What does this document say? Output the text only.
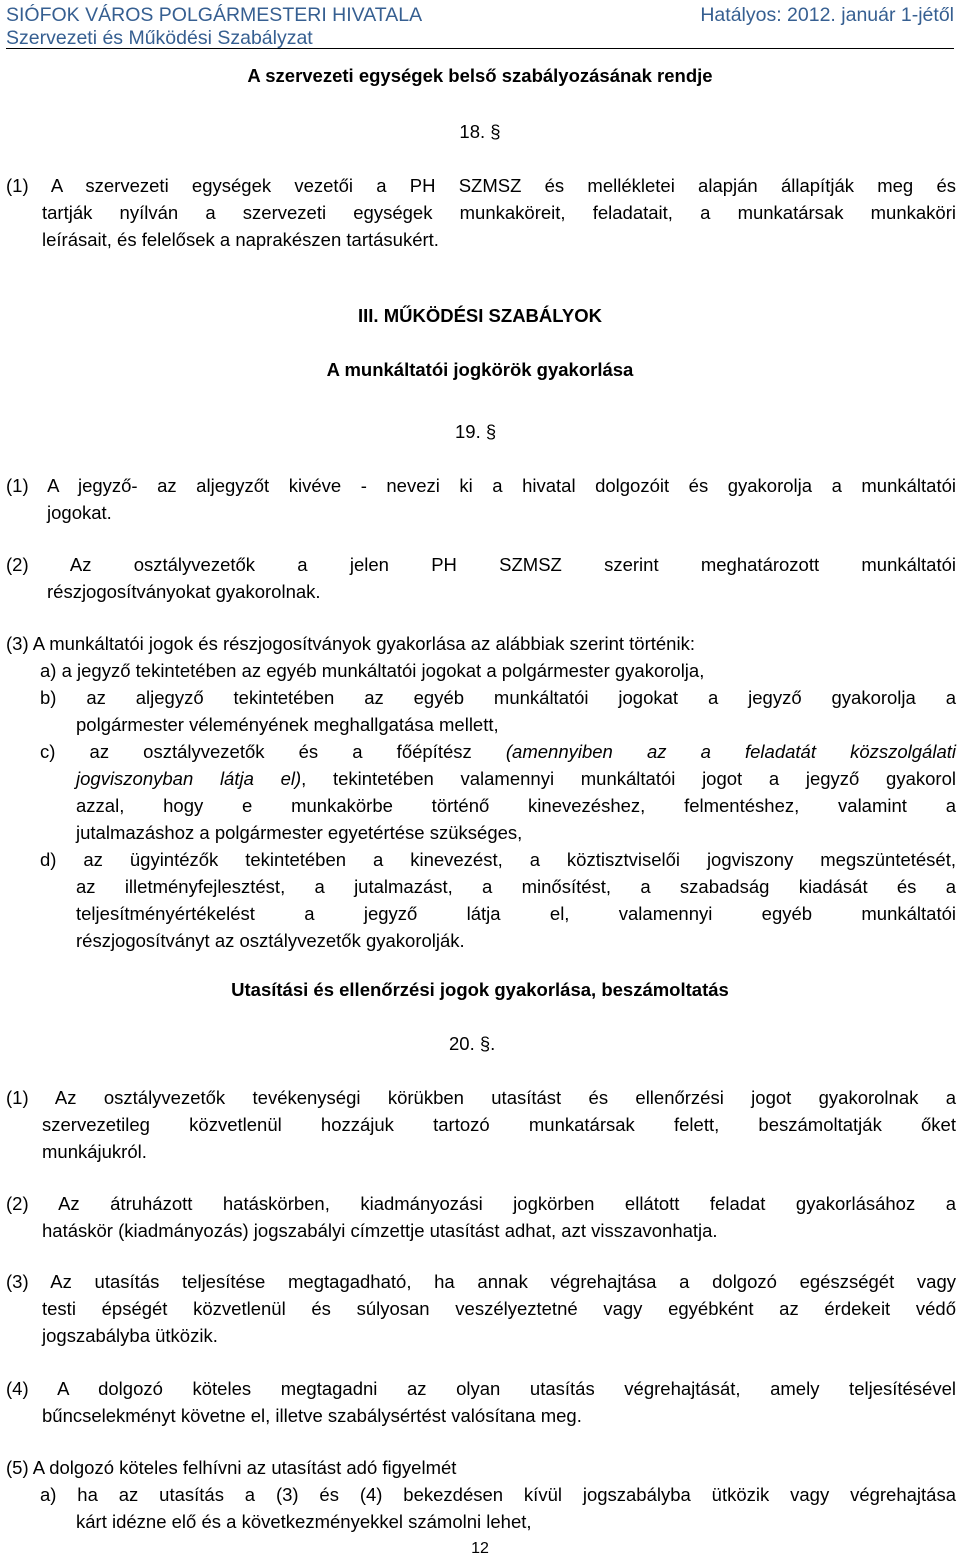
SIÓFOK VÁROS POLGÁRMESTERI HIVATALA
Szervezeti és Működési Szabályzat
Hatályos: 2012. január 1-jétől
A szervezeti egységek belső szabályozásának rendje
18. §
(1) A szervezeti egységek vezetői a PH SZMSZ és mellékletei alapján állapítják meg és
tartják nyílván a szervezeti egységek munkaköreit, feladatait, a munkatársak munkaköri
leírásait, és felelősek a naprakészen tartásukért.
III. MŰKÖDÉSI SZABÁLYOK
A munkáltatói jogkörök gyakorlása
19. §
(1) A jegyző- az aljegyzőt kivéve - nevezi ki a hivatal dolgozóit és gyakorolja a munkáltatói
jogokat.
(2) Az osztályvezetők a jelen PH SZMSZ szerint meghatározott munkáltatói
részjogosítványokat gyakorolnak.
(3) A munkáltatói jogok és részjogosítványok gyakorlása az alábbiak szerint történik:
a) a jegyző tekintetében az egyéb munkáltatói jogokat a polgármester gyakorolja,
b) az aljegyző tekintetében az egyéb munkáltatói jogokat a jegyző gyakorolja a
polgármester véleményének meghallgatása mellett,
c) az osztályvezetők és a főépítész (amennyiben az a feladatát közszolgálati
jogviszonyban látja el), tekintetében valamennyi munkáltatói jogot a jegyző gyakorol
azzal, hogy e munkakörbe történő kinevezéshez, felmentéshez, valamint a
jutalmazáshoz a polgármester egyetértése szükséges,
d) az ügyintézők tekintetében a kinevezést, a köztisztviselői jogviszony megszüntetését,
az illetményfejlesztést, a jutalmazást, a minősítést, a szabadság kiadását és a
teljesítményértékelést a jegyző látja el, valamennyi egyéb munkáltatói
részjogosítványt az osztályvezetők gyakorolják.
Utasítási és ellenőrzési jogok gyakorlása, beszámoltatás
20. §.
(1) Az osztályvezetők tevékenységi körükben utasítást és ellenőrzési jogot gyakorolnak a
szervezetileg közvetlenül hozzájuk tartozó munkatársak felett, beszámoltatják őket
munkájukról.
(2) Az átruházott hatáskörben, kiadmányozási jogkörben ellátott feladat gyakorlásához a
hatáskör (kiadmányozás) jogszabályi címzettje utasítást adhat, azt visszavonhatja.
(3) Az utasítás teljesítése megtagadható, ha annak végrehajtása a dolgozó egészségét vagy
testi épségét közvetlenül és súlyosan veszélyeztetné vagy egyébként az érdekeit védő
jogszabályba ütközik.
(4) A dolgozó köteles megtagadni az olyan utasítás végrehajtását, amely teljesítésével
bűncselekményt követne el, illetve szabálysértést valósítana meg.
(5) A dolgozó köteles felhívni az utasítást adó figyelmét
a) ha az utasítás a (3) és (4) bekezdésen kívül jogszabályba ütközik vagy végrehajtása
kárt idézne elő és a következményekkel számolni lehet,
12
